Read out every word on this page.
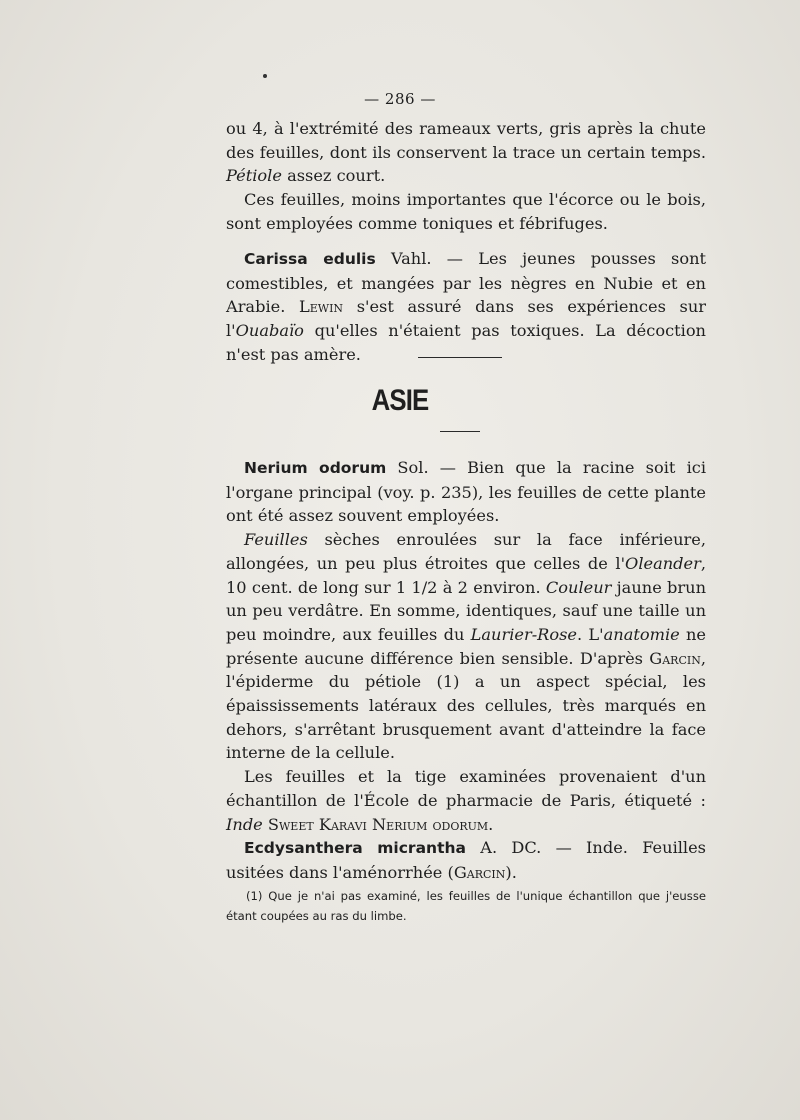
— 286 —

ou 4, à l'extrémité des rameaux verts, gris après la chute des feuilles, dont ils conservent la trace un certain temps. Pétiole assez court.

Ces feuilles, moins importantes que l'écorce ou le bois, sont employées comme toniques et fébrifuges.

Carissa edulis Vahl. — Les jeunes pousses sont comestibles, et mangées par les nègres en Nubie et en Arabie. Lewin s'est assuré dans ses expériences sur l'Ouabaïo qu'elles n'étaient pas toxiques. La décoction n'est pas amère.

ASIE

Nerium odorum Sol. — Bien que la racine soit ici l'organe principal (voy. p. 235), les feuilles de cette plante ont été assez souvent employées.

Feuilles sèches enroulées sur la face inférieure, allongées, un peu plus étroites que celles de l'Oleander, 10 cent. de long sur 1 1/2 à 2 environ. Couleur jaune brun un peu verdâtre. En somme, identiques, sauf une taille un peu moindre, aux feuilles du Laurier-Rose. L'anatomie ne présente aucune différence bien sensible. D'après Garcin, l'épiderme du pétiole (1) a un aspect spécial, les épaississements latéraux des cellules, très marqués en dehors, s'arrêtant brusquement avant d'atteindre la face interne de la cellule.

Les feuilles et la tige examinées provenaient d'un échantillon de l'École de pharmacie de Paris, étiqueté : Inde Sweet Karavi Nerium odorum.

Ecdysanthera micrantha A. DC. — Inde. Feuilles usitées dans l'aménorrhée (Garcin).

(1) Que je n'ai pas examiné, les feuilles de l'unique échantillon que j'eusse étant coupées au ras du limbe.
